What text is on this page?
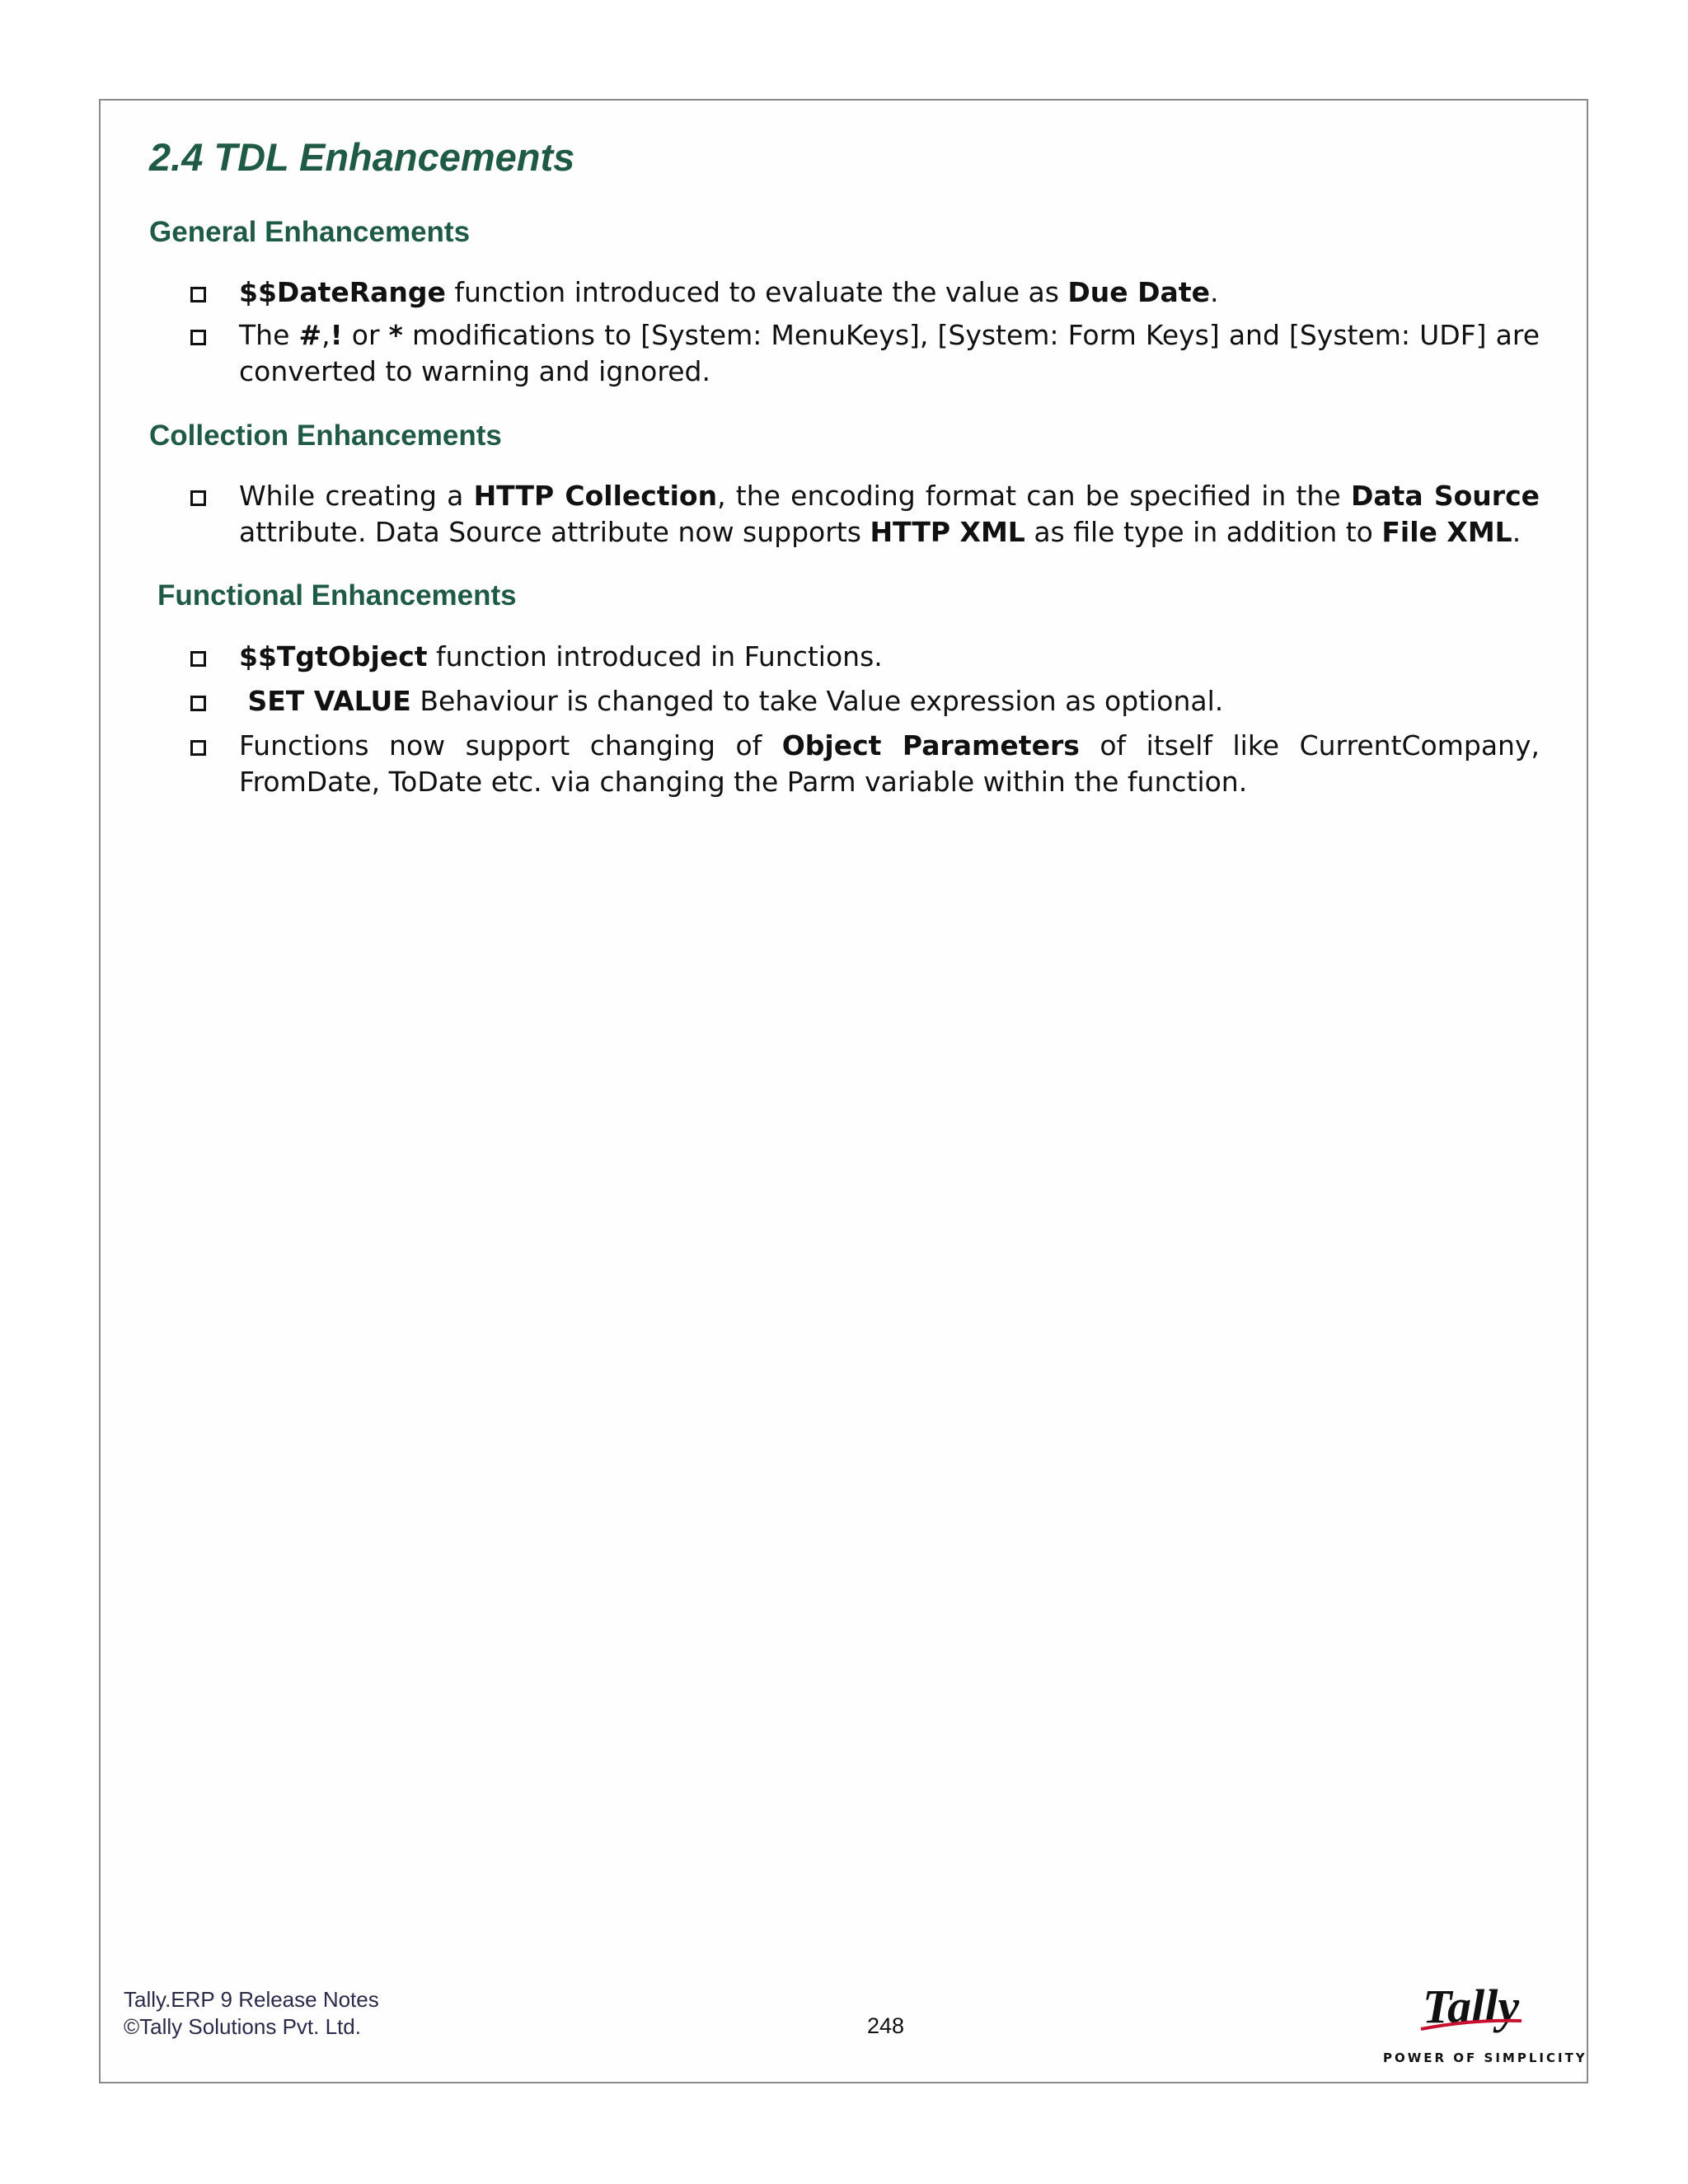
2.4 TDL Enhancements
General Enhancements

$$DateRange function introduced to evaluate the value as Due Date.

The #,! or * modifications to [System: MenuKeys], [System: Form Keys] and [System: UDF] are converted to warning and ignored.

Collection Enhancements

While creating a HTTP Collection, the encoding format can be specified in the Data Source attribute. Data Source attribute now supports HTTP XML as file type in addition to File XML.

Functional Enhancements

$$TgtObject function introduced in Functions.

SET VALUE Behaviour is changed to take Value expression as optional.

Functions now support changing of Object Parameters of itself like CurrentCompany, FromDate, ToDate etc. via changing the Parm variable within the function.

Tally.ERP 9 Release Notes
©Tally Solutions Pvt. Ltd.	248	Tally
POWER OF SIMPLICITY
